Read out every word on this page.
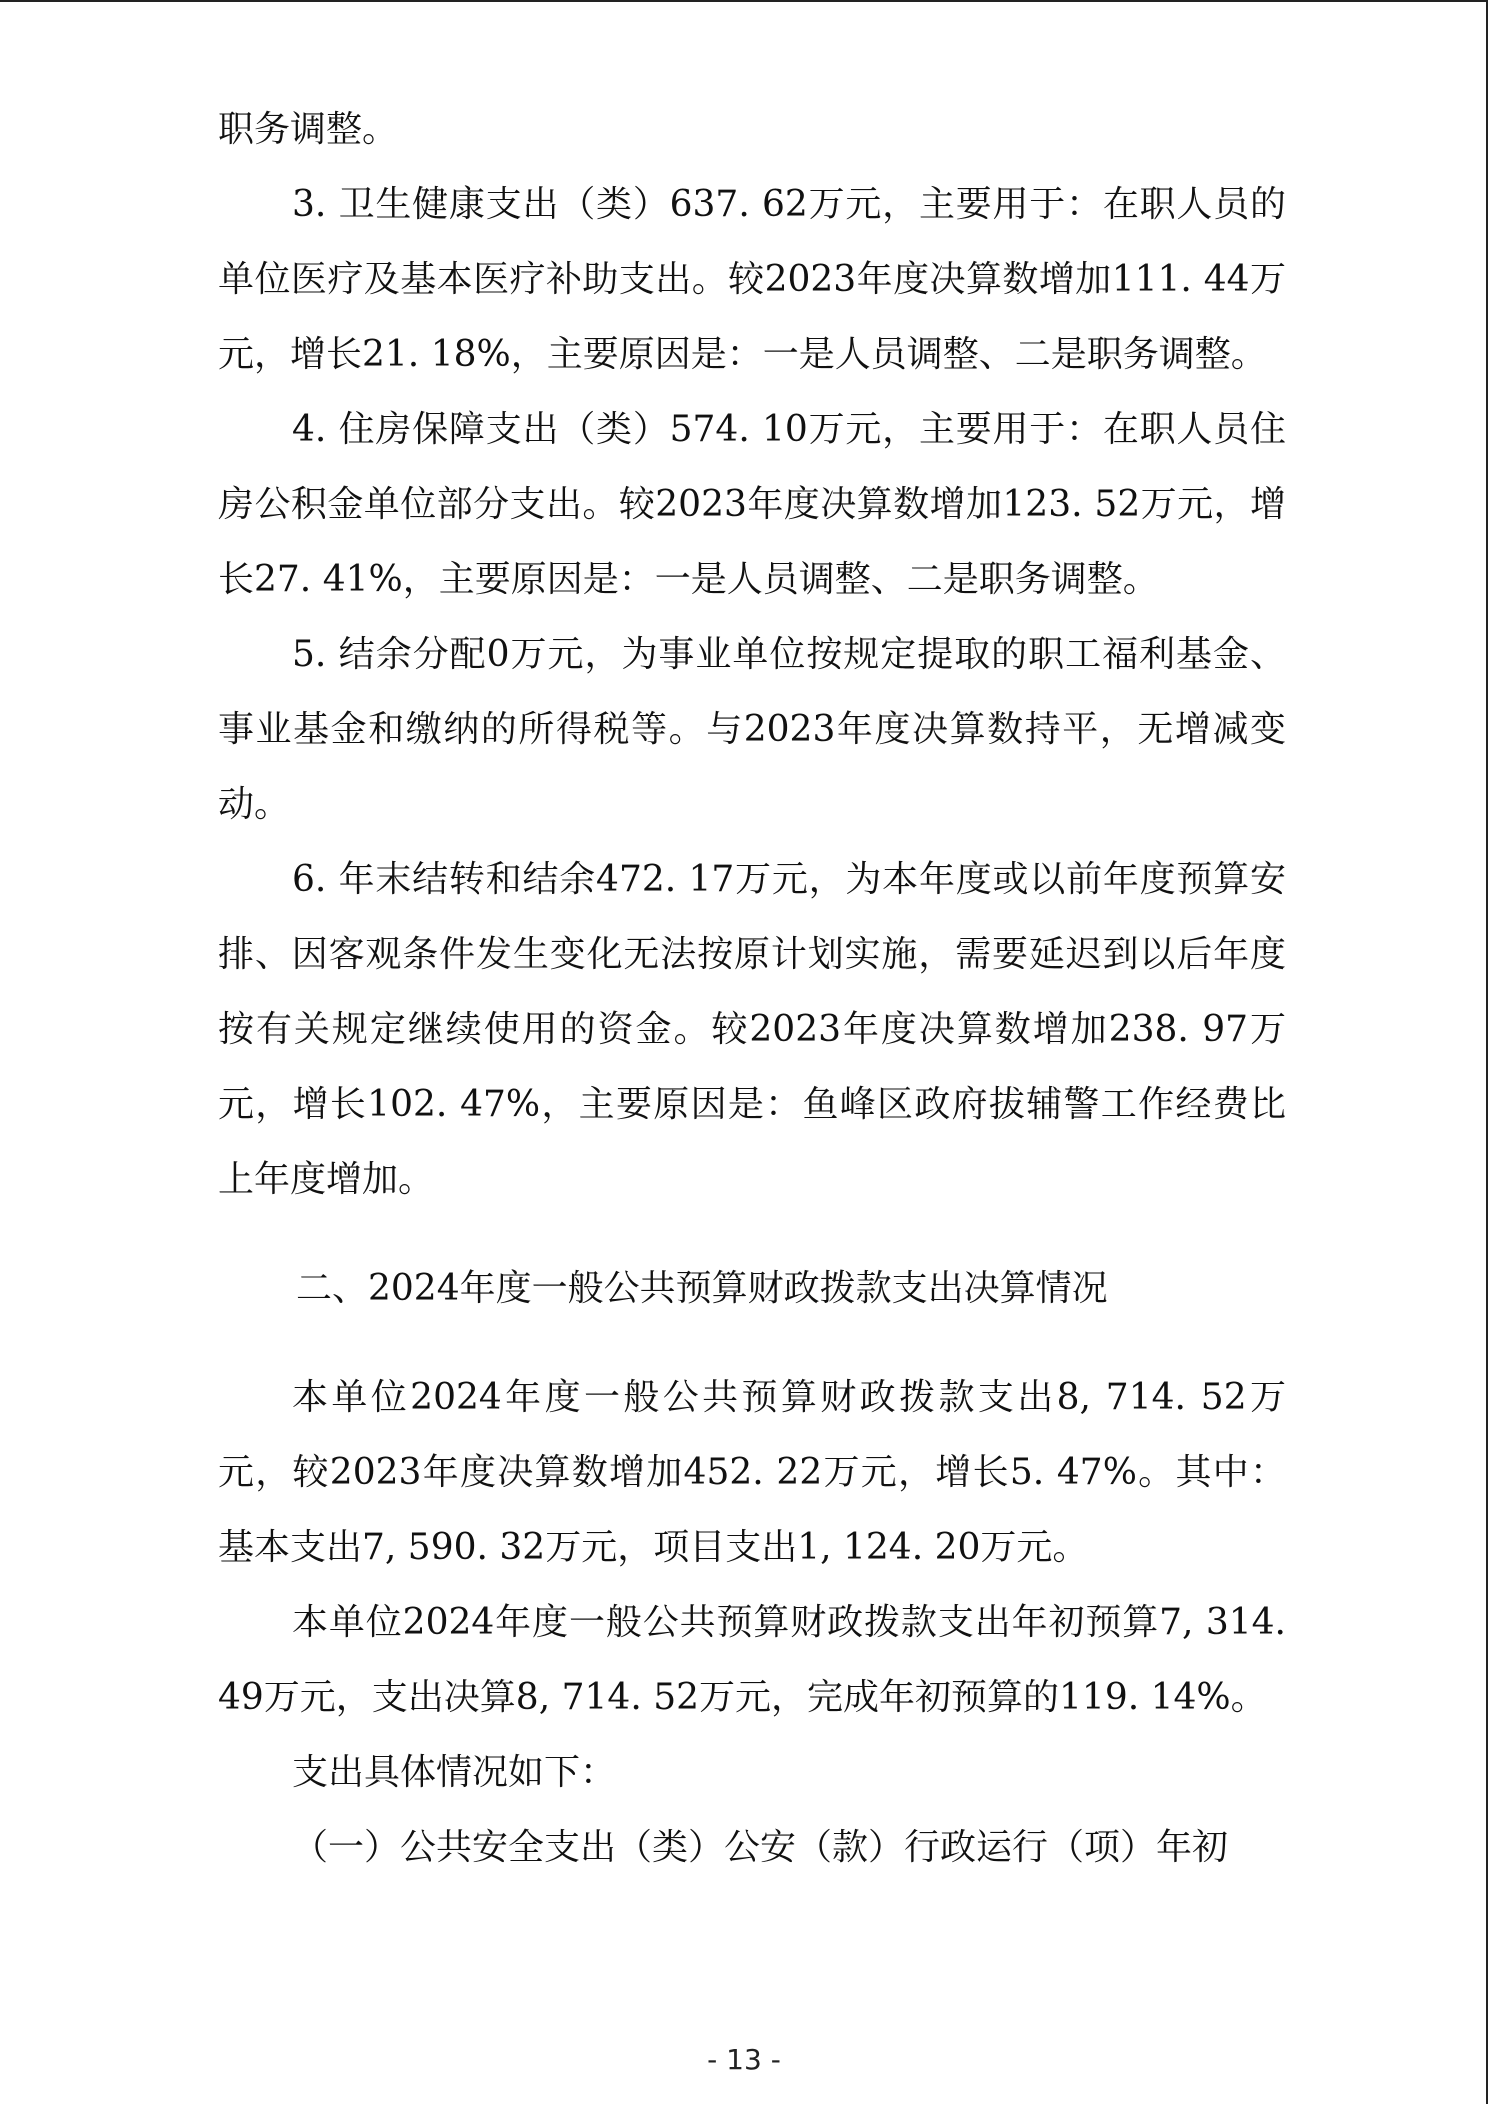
职务调整。

3. 卫生健康支出（类）637. 62万元，主要用于：在职人员的单位医疗及基本医疗补助支出。较2023年度决算数增加111. 44万元，增长21. 18%，主要原因是：一是人员调整、二是职务调整。

4. 住房保障支出（类）574. 10万元，主要用于：在职人员住房公积金单位部分支出。较2023年度决算数增加123. 52万元，增长27. 41%，主要原因是：一是人员调整、二是职务调整。

5. 结余分配0万元，为事业单位按规定提取的职工福利基金、事业基金和缴纳的所得税等。与2023年度决算数持平，无增减变动。

6. 年末结转和结余472. 17万元，为本年度或以前年度预算安排、因客观条件发生变化无法按原计划实施，需要延迟到以后年度按有关规定继续使用的资金。较2023年度决算数增加238. 97万元，增长102. 47%，主要原因是：鱼峰区政府拔辅警工作经费比上年度增加。

二、2024年度一般公共预算财政拨款支出决算情况

本单位2024年度一般公共预算财政拨款支出8, 714. 52万元，较2023年度决算数增加452. 22万元，增长5. 47%。其中：基本支出7, 590. 32万元，项目支出1, 124. 20万元。

本单位2024年度一般公共预算财政拨款支出年初预算7, 314. 49万元，支出决算8, 714. 52万元，完成年初预算的119. 14%。

支出具体情况如下：

（一）公共安全支出（类）公安（款）行政运行（项）年初

- 13 -
